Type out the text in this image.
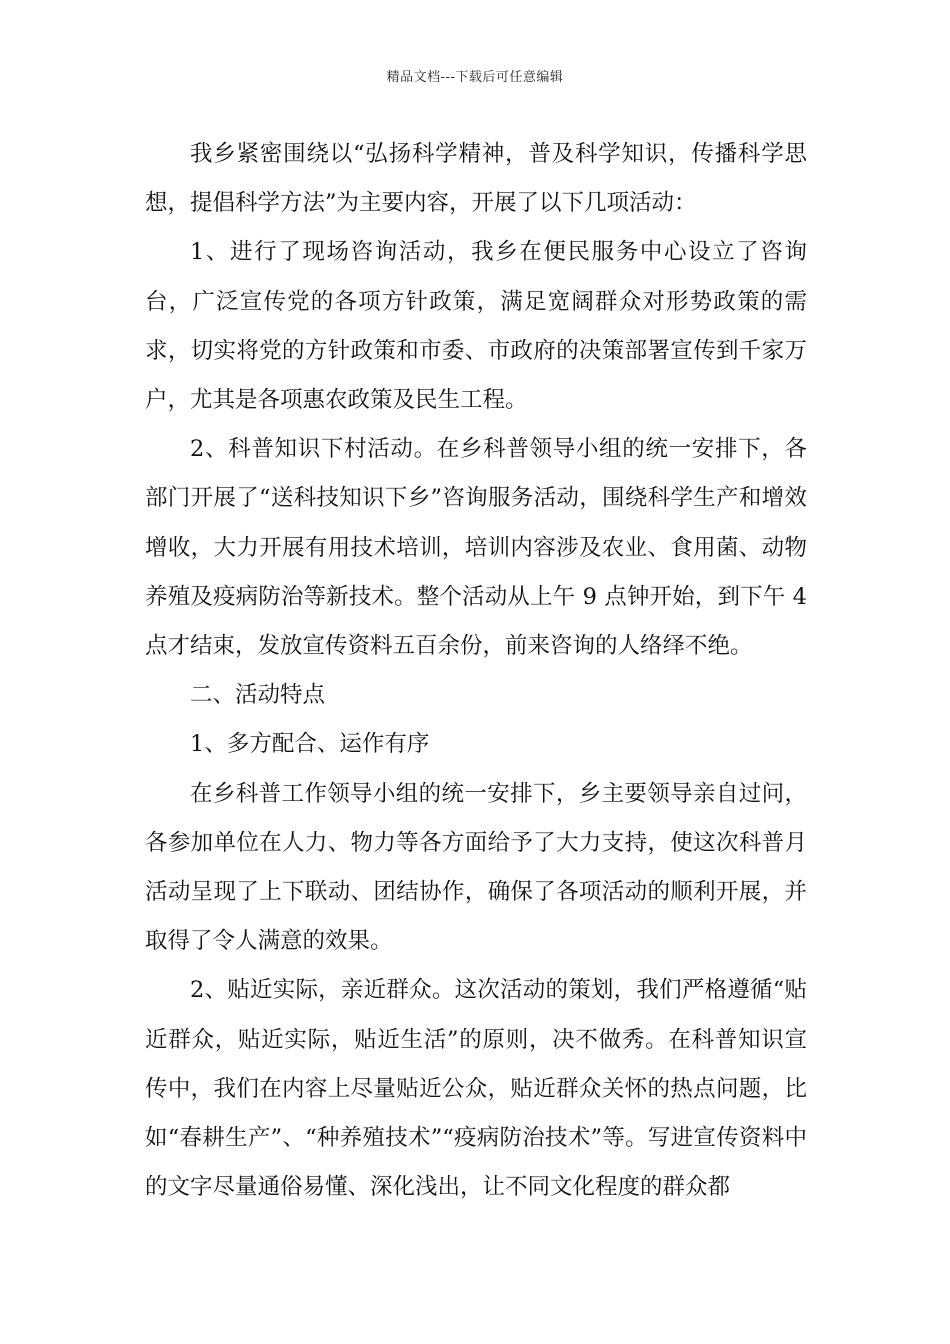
精品文档---下载后可任意编辑

我乡紧密围绕以“弘扬科学精神，普及科学知识，传播科学思想，提倡科学方法”为主要内容，开展了以下几项活动：

1、进行了现场咨询活动，我乡在便民服务中心设立了咨询台，广泛宣传党的各项方针政策，满足宽阔群众对形势政策的需求，切实将党的方针政策和市委、市政府的决策部署宣传到千家万户，尤其是各项惠农政策及民生工程。

2、科普知识下村活动。在乡科普领导小组的统一安排下，各部门开展了“送科技知识下乡”咨询服务活动，围绕科学生产和增效增收，大力开展有用技术培训，培训内容涉及农业、食用菌、动物养殖及疫病防治等新技术。整个活动从上午 9 点钟开始，到下午 4 点才结束，发放宣传资料五百余份，前来咨询的人络绎不绝。

二、活动特点

1、多方配合、运作有序

在乡科普工作领导小组的统一安排下，乡主要领导亲自过问，各参加单位在人力、物力等各方面给予了大力支持，使这次科普月活动呈现了上下联动、团结协作，确保了各项活动的顺利开展，并取得了令人满意的效果。

2、贴近实际，亲近群众。这次活动的策划，我们严格遵循“贴近群众，贴近实际，贴近生活”的原则，决不做秀。在科普知识宣传中，我们在内容上尽量贴近公众，贴近群众关怀的热点问题，比如“春耕生产”、“种养殖技术”“疫病防治技术”等。写进宣传资料中的文字尽量通俗易懂、深化浅出，让不同文化程度的群众都
